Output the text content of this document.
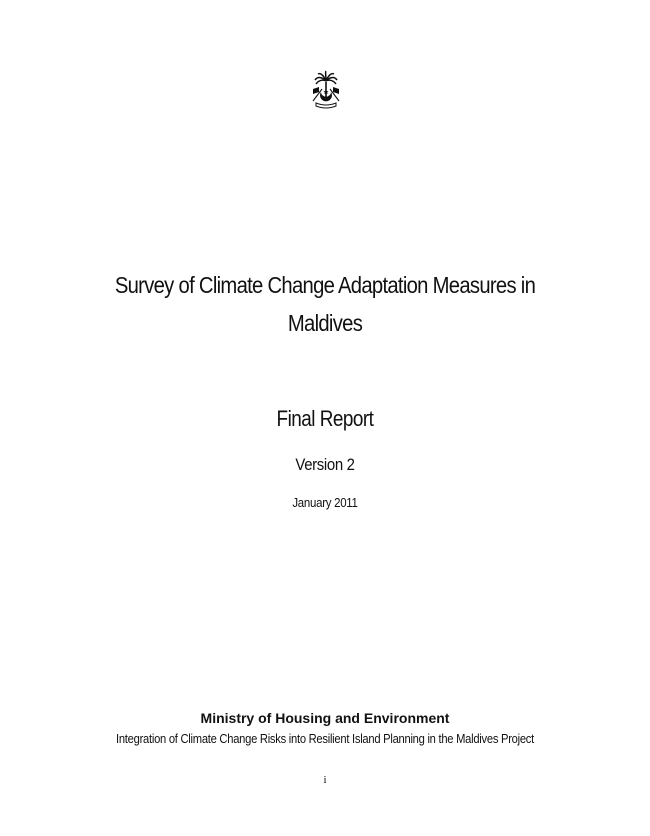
Survey of Climate Change Adaptation Measures in
Maldives
Final Report
Version 2
January 2011
Ministry of Housing and Environment
Integration of Climate Change Risks into Resilient Island Planning in the Maldives Project
i
